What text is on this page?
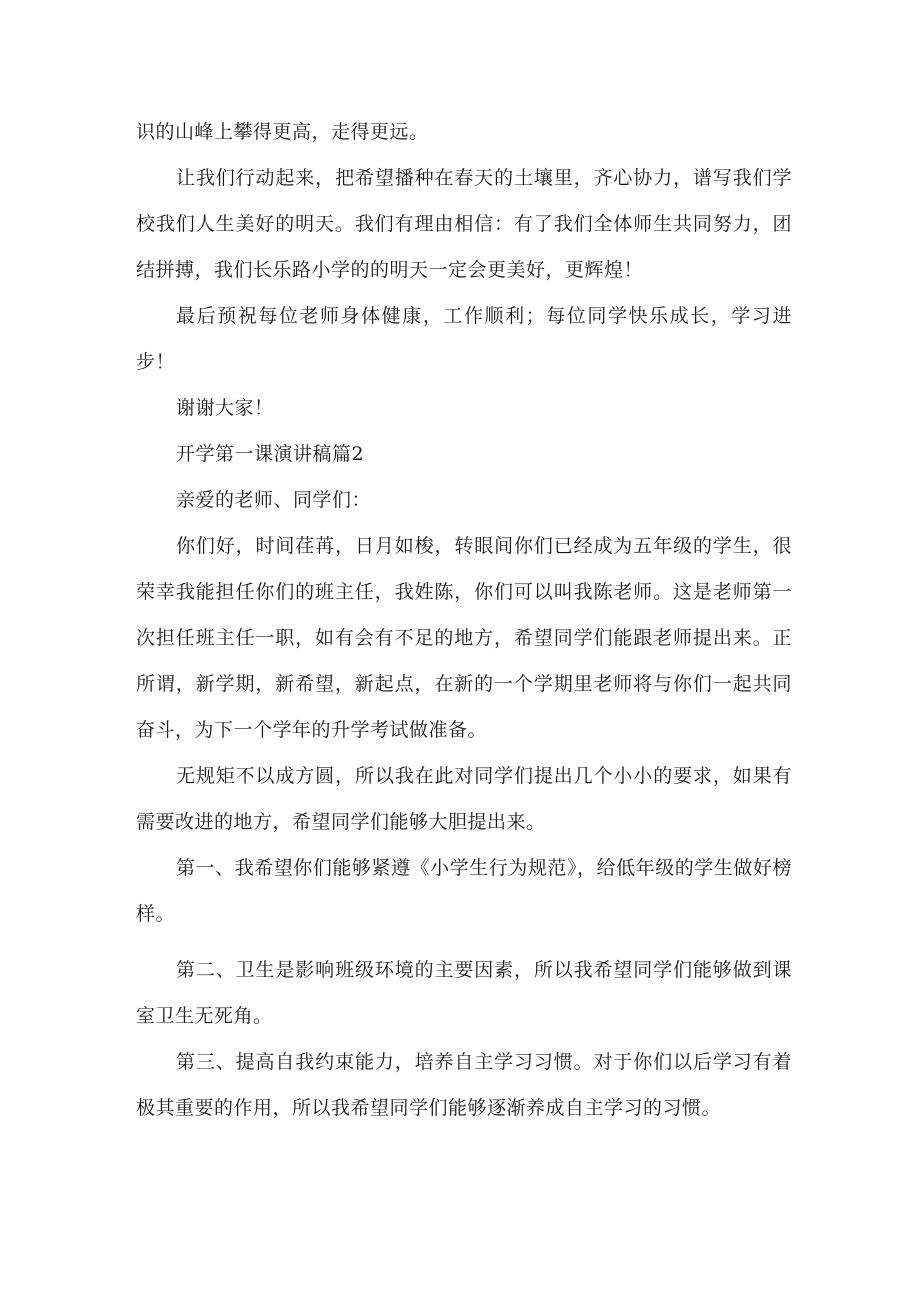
识的山峰上攀得更高，走得更远。

让我们行动起来，把希望播种在春天的土壤里，齐心协力，谱写我们学校我们人生美好的明天。我们有理由相信：有了我们全体师生共同努力，团结拼搏，我们长乐路小学的的明天一定会更美好，更辉煌！

最后预祝每位老师身体健康，工作顺利；每位同学快乐成长，学习进步！

谢谢大家！

开学第一课演讲稿篇2

亲爱的老师、同学们：

你们好，时间荏苒，日月如梭，转眼间你们已经成为五年级的学生，很荣幸我能担任你们的班主任，我姓陈，你们可以叫我陈老师。这是老师第一次担任班主任一职，如有会有不足的地方，希望同学们能跟老师提出来。正所谓，新学期，新希望，新起点，在新的一个学期里老师将与你们一起共同奋斗，为下一个学年的升学考试做准备。

无规矩不以成方圆，所以我在此对同学们提出几个小小的要求，如果有需要改进的地方，希望同学们能够大胆提出来。

第一、我希望你们能够紧遵《小学生行为规范》，给低年级的学生做好榜样。

第二、卫生是影响班级环境的主要因素，所以我希望同学们能够做到课室卫生无死角。

第三、提高自我约束能力，培养自主学习习惯。对于你们以后学习有着极其重要的作用，所以我希望同学们能够逐渐养成自主学习的习惯。
